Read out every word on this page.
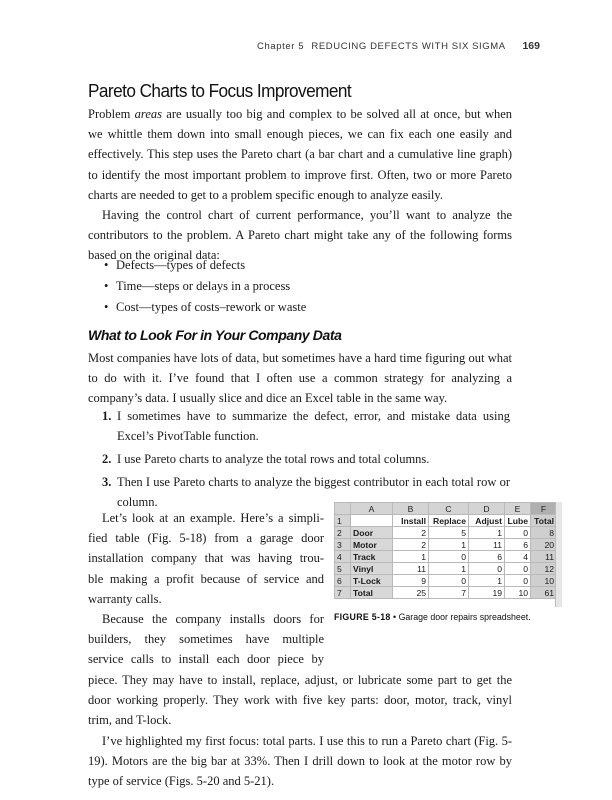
Chapter 5 REDUCING DEFECTS WITH SIX SIGMA 169
Pareto Charts to Focus Improvement

Problem areas are usually too big and complex to be solved all at once, but when we whittle them down into small enough pieces, we can fix each one easily and effectively. This step uses the Pareto chart (a bar chart and a cumulative line graph) to identify the most important problem to improve first. Often, two or more Pareto charts are needed to get to a problem specific enough to analyze easily.

Having the control chart of current performance, you’ll want to analyze the contributors to the problem. A Pareto chart might take any of the following forms based on the original data:

• Defects—types of defects
• Time—steps or delays in a process
• Cost—types of costs–rework or waste
What to Look For in Your Company Data

Most companies have lots of data, but sometimes have a hard time figuring out what to do with it. I’ve found that I often use a common strategy for analyzing a company’s data. I usually slice and dice an Excel table in the same way.

1. I sometimes have to summarize the defect, error, and mistake data using Excel’s PivotTable function.
2. I use Pareto charts to analyze the total rows and total columns.
3. Then I use Pareto charts to analyze the biggest contributor in each total row or column.
Let’s look at an example. Here’s a simpli-
fied table (Fig. 5-18) from a garage door
installation company that was having trou-
ble making a profit because of service and
warranty calls.
Because the company installs doors for
builders, they sometimes have multiple
service calls to install each door piece by

piece. They may have to install, replace, adjust, or lubricate some part to get the door working properly. They work with five key parts: door, motor, track, vinyl trim, and T-lock.

I’ve highlighted my first focus: total parts. I use this to run a Pareto chart (Fig. 5-19). Motors are the big bar at 33%. Then I drill down to look at the motor row by type of service (Figs. 5-20 and 5-21).

	A	B	C	D	E	F
1		Install	Replace	Adjust	Lube	Total
2	Door	2	5	1	0	8
3	Motor	2	1	11	6	20
4	Track	1	0	6	4	11
5	Vinyl	11	1	0	0	12
6	T-Lock	9	0	1	0	10
7	Total	25	7	19	10	61
FIGURE 5-18 • Garage door repairs spreadsheet.
